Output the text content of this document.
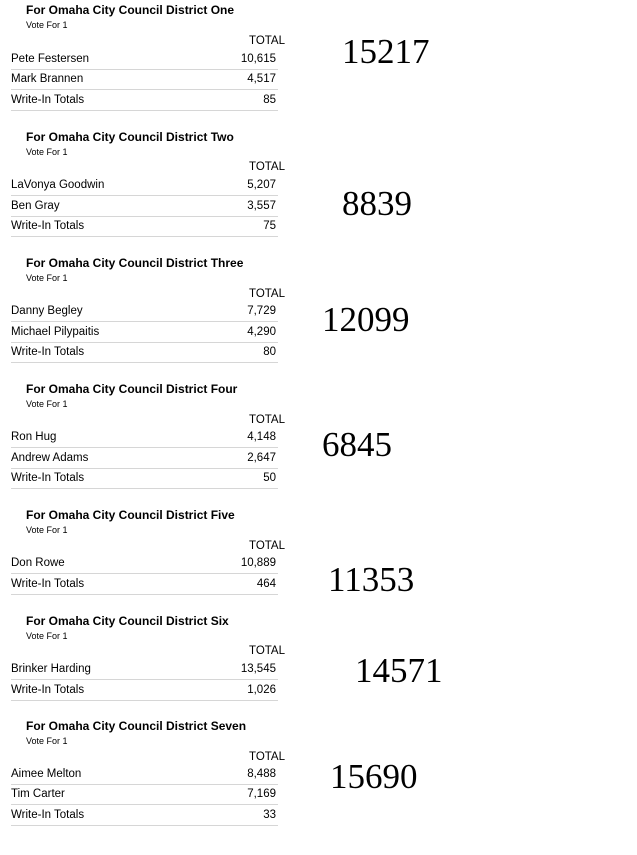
For Omaha City Council District One
Vote For 1
TOTAL
Pete Festersen	10,615
Mark Brannen	4,517
Write-In Totals	85
15217
For Omaha City Council District Two
Vote For 1
TOTAL
LaVonya Goodwin	5,207
Ben Gray	3,557
Write-In Totals	75
8839
For Omaha City Council District Three
Vote For 1
TOTAL
Danny Begley	7,729
Michael Pilypaitis	4,290
Write-In Totals	80
12099
For Omaha City Council District Four
Vote For 1
TOTAL
Ron Hug	4,148
Andrew Adams	2,647
Write-In Totals	50
6845
For Omaha City Council District Five
Vote For 1
TOTAL
Don Rowe	10,889
Write-In Totals	464 11353
For Omaha City Council District Six
Vote For 1
TOTAL
Brinker Harding	13,545
Write-In Totals	1,026 14571
For Omaha City Council District Seven
Vote For 1
TOTAL
Aimee Melton	8,488
Tim Carter	7,169
Write-In Totals	33
15690
